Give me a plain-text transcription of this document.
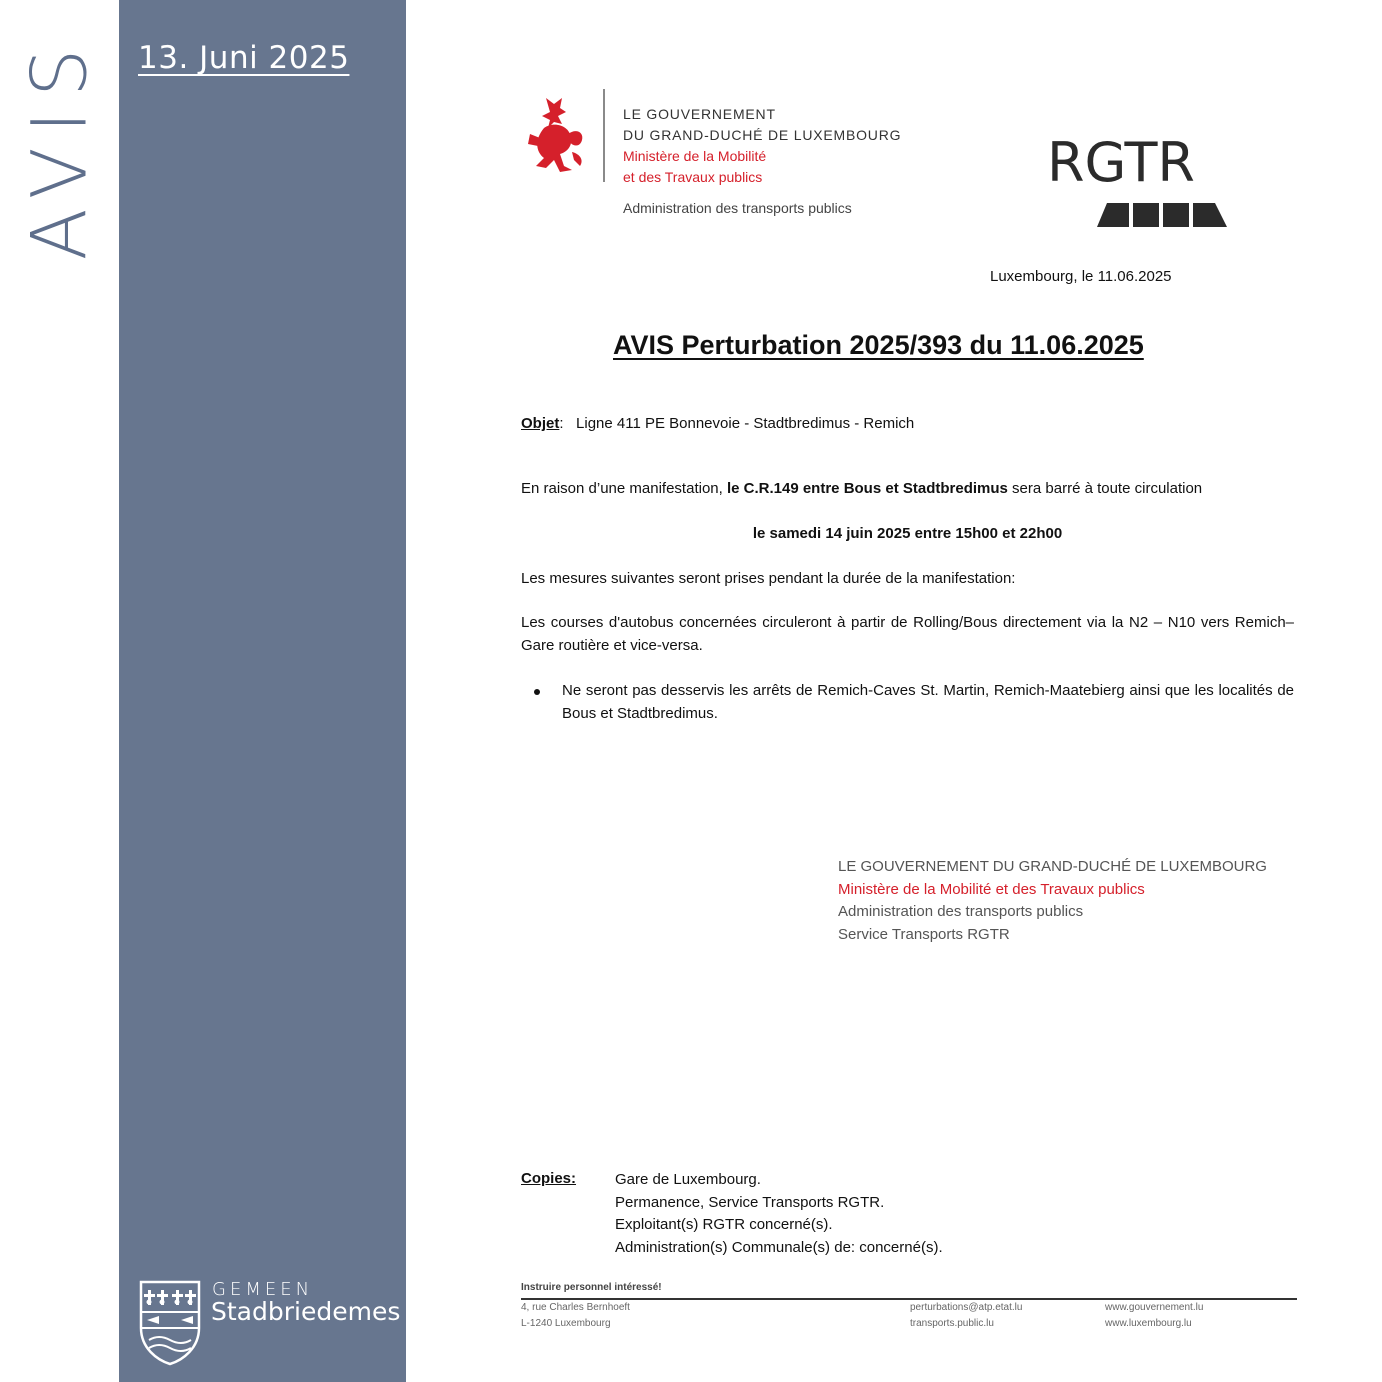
AVIS 13. Juni 2025
GEMEEN
Stadbriedemes
LE GOUVERNEMENT
DU GRAND-DUCHÉ DE LUXEMBOURG
Ministère de la Mobilité
et des Travaux publics
Administration des transports publics
RGTR
Luxembourg, le 11.06.2025
AVIS Perturbation 2025/393 du 11.06.2025
Objet:   Ligne 411 PE Bonnevoie - Stadtbredimus - Remich
En raison d’une manifestation, le C.R.149 entre Bous et Stadtbredimus sera barré à toute circulation
le samedi 14 juin 2025 entre 15h00 et 22h00
Les mesures suivantes seront prises pendant la durée de la manifestation:
Les courses d'autobus concernées circuleront à partir de Rolling/Bous directement via la N2 – N10 vers Remich– Gare routière et vice-versa.
Ne seront pas desservis les arrêts de Remich-Caves St. Martin, Remich-Maatebierg ainsi que les localités de Bous et Stadtbredimus.
LE GOUVERNEMENT DU GRAND-DUCHÉ DE LUXEMBOURG
Ministère de la Mobilité et des Travaux publics
Administration des transports publics
Service Transports RGTR
Copies:	Gare de Luxembourg.
Permanence, Service Transports RGTR.
Exploitant(s) RGTR concerné(s).
Administration(s) Communale(s) de: concerné(s).
Instruire personnel intéressé!
4, rue Charles Bernhoeft
L-1240 Luxembourg
perturbations@atp.etat.lu
transports.public.lu
www.gouvernement.lu
www.luxembourg.lu
